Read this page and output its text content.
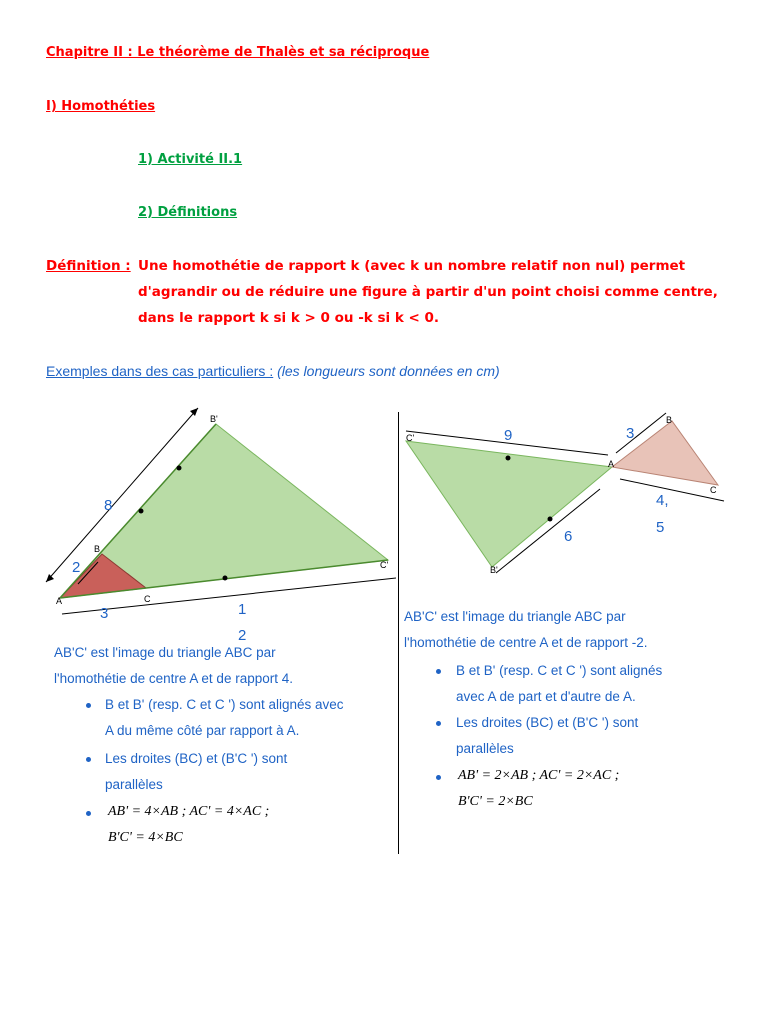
Chapitre II : Le théorème de Thalès et sa réciproque
I) Homothéties
1) Activité II.1
2) Définitions
Définition : Une homothétie de rapport k (avec k un nombre relatif non nul) permet
d'agrandir ou de réduire une figure à partir d'un point choisi comme centre,
dans le rapport k si k > 0 ou -k si k < 0.
Exemples dans des cas particuliers : (les longueurs sont données en cm)
B'
B
A	C
C'
8
2
3	1
2
C'
A
B
C
B'
9	3
6
4,
5
AB'C' est l'image du triangle ABC par
l'homothétie de centre A et de rapport 4.
B et B' (resp. C et C ') sont alignés avec
A du même côté par rapport à A.
Les droites (BC) et (B'C ') sont
parallèles
AB' = 4×AB ; AC' = 4×AC ;
B'C' = 4×BC
AB'C' est l'image du triangle ABC par
l'homothétie de centre A et de rapport -2.
B et B' (resp. C et C ') sont alignés
avec A de part et d'autre de A.
Les droites (BC) et (B'C ') sont
parallèles
AB' = 2×AB ; AC' = 2×AC ;
B'C' = 2×BC
